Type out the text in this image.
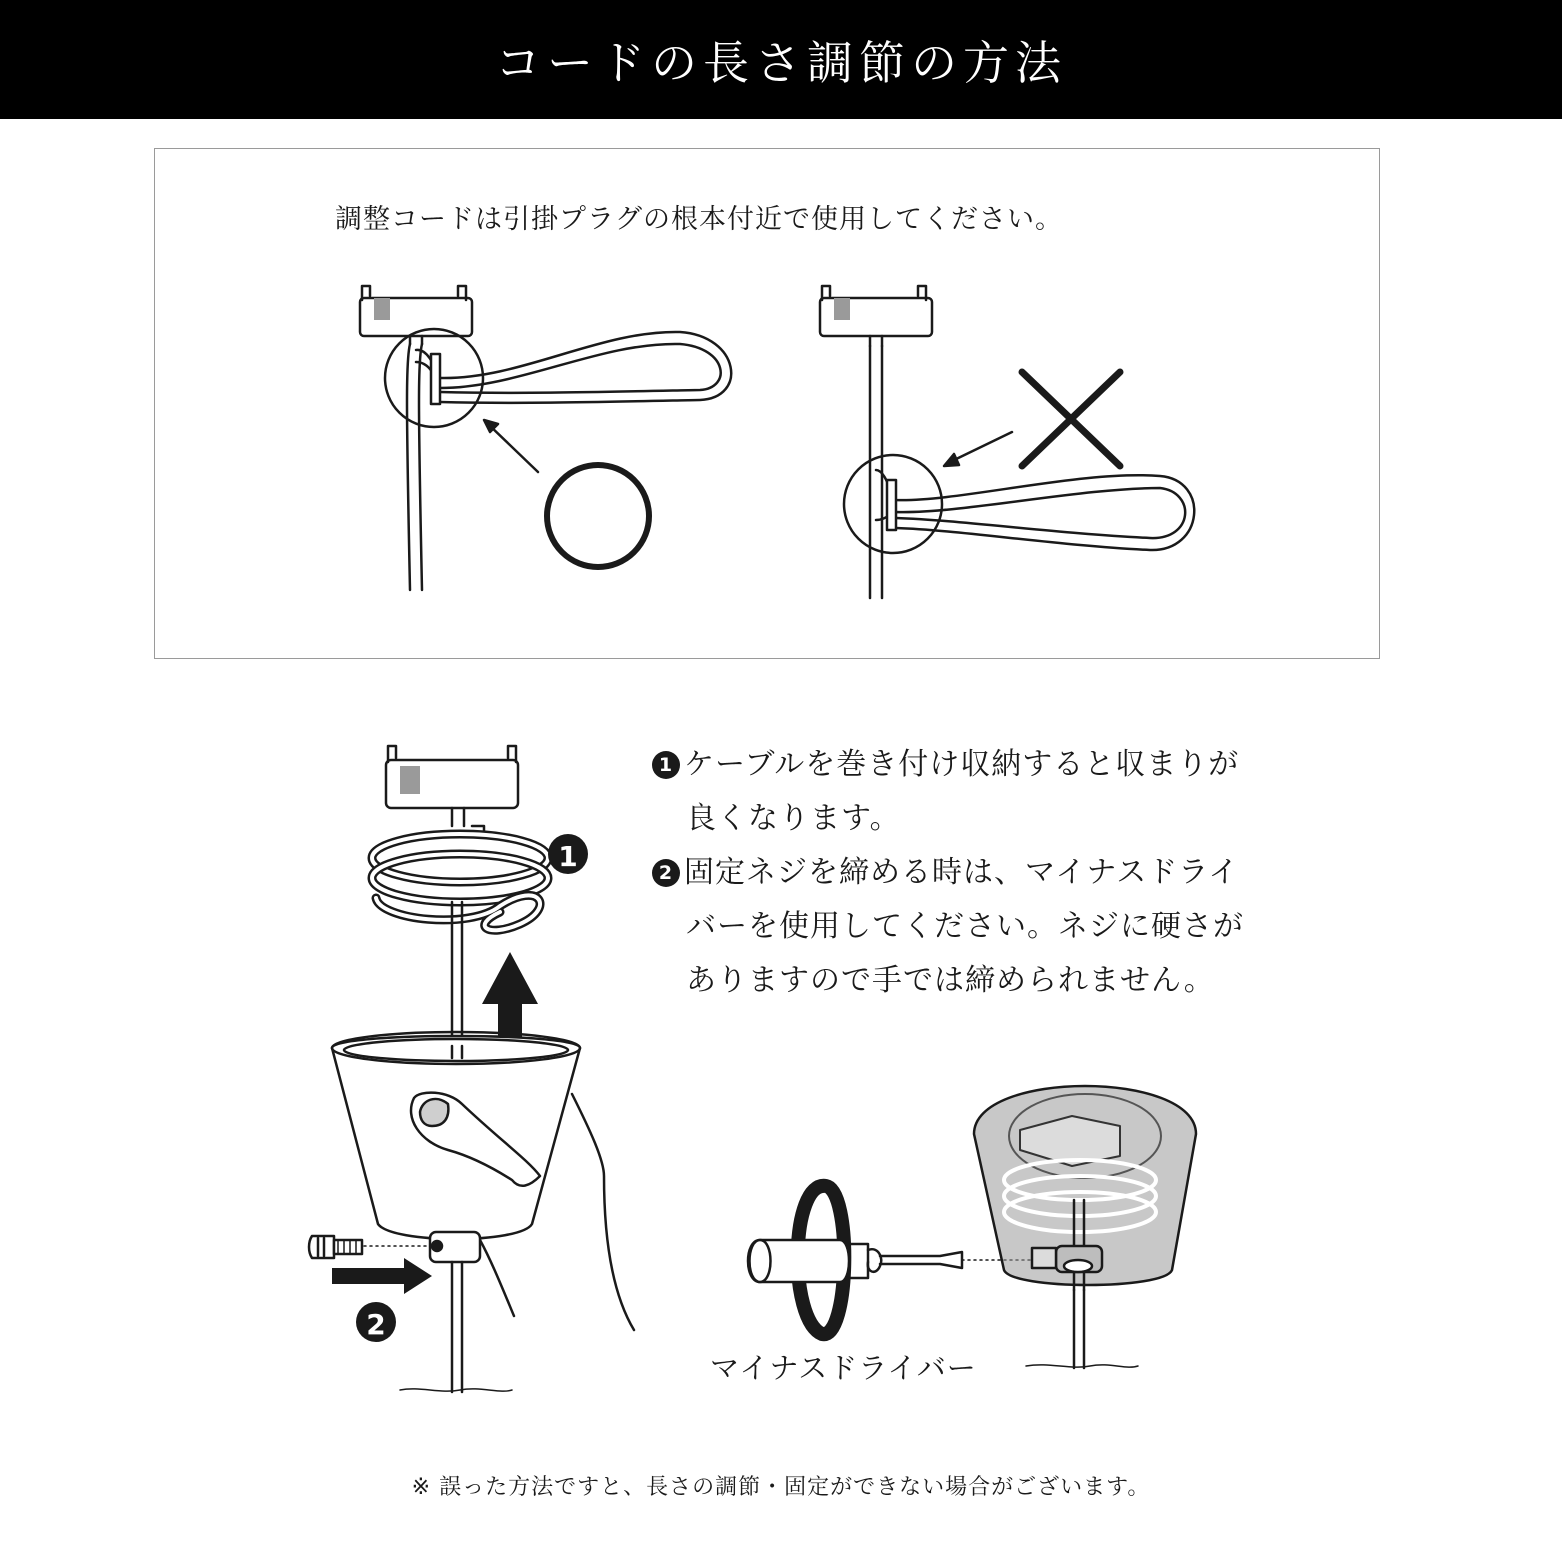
コードの長さ調節の方法
調整コードは引掛プラグの根本付近で使用してください。
1
2
1 ケーブルを巻き付け収納すると収まりが
良くなります。
2 固定ネジを締める時は、マイナスドライ
バーを使用してください。ネジに硬さが
ありますので手では締められません。
マイナスドライバー
※ 誤った方法ですと、長さの調節・固定ができない場合がございます。
